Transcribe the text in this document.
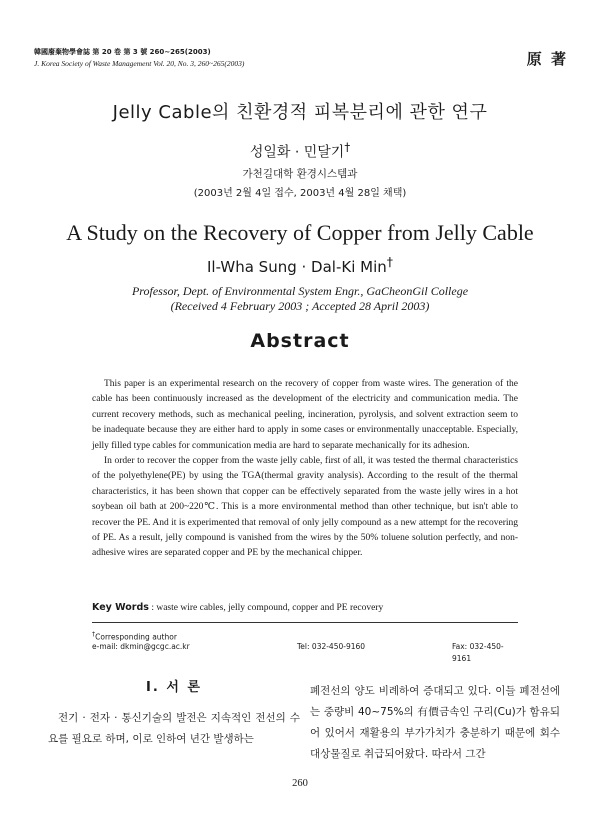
韓國廢棄物學會誌 第 20 卷 第 3 號 260~265(2003)
J. Korea Society of Waste Management Vol. 20, No. 3, 260~265(2003)	原 著
Jelly Cable의 친환경적 피복분리에 관한 연구
성일화 · 민달기†
가천길대학 환경시스템과
(2003년 2월 4일 접수, 2003년 4월 28일 채택)
A Study on the Recovery of Copper from Jelly Cable
Il-Wha Sung · Dal-Ki Min†
Professor, Dept. of Environmental System Engr., GaCheonGil College
(Received 4 February 2003 ; Accepted 28 April 2003)
Abstract

This paper is an experimental research on the recovery of copper from waste wires. The generation of the cable has been continuously increased as the development of the electricity and communication media. The current recovery methods, such as mechanical peeling, incineration, pyrolysis, and solvent extraction seem to be inadequate because they are either hard to apply in some cases or environmentally unacceptable. Especially, jelly filled type cables for communication media are hard to separate mechanically for its adhesion.

In order to recover the copper from the waste jelly cable, first of all, it was tested the thermal characteristics of the polyethylene(PE) by using the TGA(thermal gravity analysis). According to the result of the thermal characteristics, it has been shown that copper can be effectively separated from the waste jelly wires in a hot soybean oil bath at 200~220℃. This is a more environmental method than other technique, but isn't able to recover the PE. And it is experimented that removal of only jelly compound as a new attempt for the recovering of PE. As a result, jelly compound is vanished from the wires by the 50% toluene solution perfectly, and non-adhesive wires are separated copper and PE by the mechanical chipper.

Key Words : waste wire cables, jelly compound, copper and PE recovery
†Corresponding author
e-mail: dkmin@gcgc.ac.kr	Tel: 032-450-9160	Fax: 032-450-9161
Ⅰ. 서 론

전기 · 전자 · 통신기술의 발전은 지속적인 전선의 수요를 필요로 하며, 이로 인하여 년간 발생하는

폐전선의 양도 비례하여 증대되고 있다. 이들 폐전선에는 중량비 40~75%의 有價금속인 구리(Cu)가 함유되어 있어서 재활용의 부가가치가 충분하기 때문에 회수대상물질로 취급되어왔다. 따라서 그간

260
